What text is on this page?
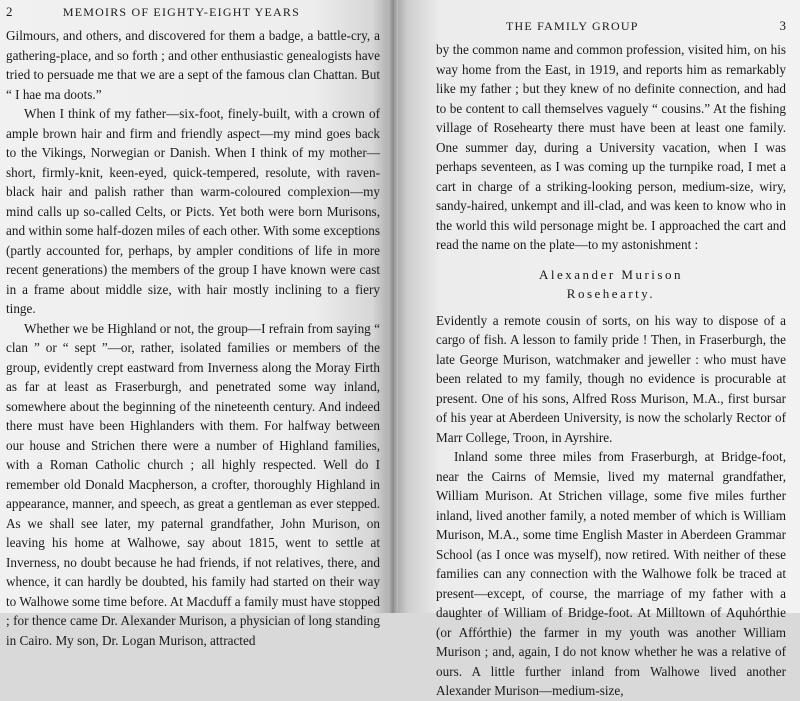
2	MEMOIRS OF EIGHTY-EIGHT YEARS

Gilmours, and others, and discovered for them a badge, a battle-cry, a gathering-place, and so forth ; and other enthusiastic genealogists have tried to persuade me that we are a sept of the famous clan Chattan. But “ I hae ma doots.”

When I think of my father—six-foot, finely-built, with a crown of ample brown hair and firm and friendly aspect—my mind goes back to the Vikings, Norwegian or Danish. When I think of my mother—short, firmly-knit, keen-eyed, quick-tempered, resolute, with raven-black hair and palish rather than warm-coloured complexion—my mind calls up so-called Celts, or Picts. Yet both were born Murisons, and within some half-dozen miles of each other. With some exceptions (partly accounted for, perhaps, by ampler conditions of life in more recent generations) the members of the group I have known were cast in a frame about middle size, with hair mostly inclining to a fiery tinge.

Whether we be Highland or not, the group—I refrain from saying “ clan ” or “ sept ”—or, rather, isolated families or members of the group, evidently crept eastward from Inverness along the Moray Firth as far at least as Fraserburgh, and penetrated some way inland, somewhere about the beginning of the nineteenth century. And indeed there must have been Highlanders with them. For halfway between our house and Strichen there were a number of Highland families, with a Roman Catholic church ; all highly respected. Well do I remember old Donald Macpherson, a crofter, thoroughly Highland in appearance, manner, and speech, as great a gentleman as ever stepped. As we shall see later, my paternal grandfather, John Murison, on leaving his home at Walhowe, say about 1815, went to settle at Inverness, no doubt because he had friends, if not relatives, there, and whence, it can hardly be doubted, his family had started on their way to Walhowe some time before. At Macduff a family must have stopped ; for thence came Dr. Alexander Murison, a physician of long standing in Cairo. My son, Dr. Logan Murison, attracted

THE FAMILY GROUP	3

by the common name and common profession, visited him, on his way home from the East, in 1919, and reports him as remarkably like my father ; but they knew of no definite connection, and had to be content to call themselves vaguely “ cousins.” At the fishing village of Rosehearty there must have been at least one family. One summer day, during a University vacation, when I was perhaps seventeen, as I was coming up the turnpike road, I met a cart in charge of a striking-looking person, medium-size, wiry, sandy-haired, unkempt and ill-clad, and was keen to know who in the world this wild personage might be. I approached the cart and read the name on the plate—to my astonishment :

Alexander Murison
Rosehearty.

Evidently a remote cousin of sorts, on his way to dispose of a cargo of fish. A lesson to family pride ! Then, in Fraserburgh, the late George Murison, watchmaker and jeweller : who must have been related to my family, though no evidence is procurable at present. One of his sons, Alfred Ross Murison, M.A., first bursar of his year at Aberdeen University, is now the scholarly Rector of Marr College, Troon, in Ayrshire.

Inland some three miles from Fraserburgh, at Bridge-foot, near the Cairns of Memsie, lived my maternal grandfather, William Murison. At Strichen village, some five miles further inland, lived another family, a noted member of which is William Murison, M.A., some time English Master in Aberdeen Grammar School (as I once was myself), now retired. With neither of these families can any connection with the Walhowe folk be traced at present—except, of course, the marriage of my father with a daughter of William of Bridge-foot. At Milltown of Aquhórthie (or Affórthie) the farmer in my youth was another William Murison ; and, again, I do not know whether he was a relative of ours. A little further inland from Walhowe lived another Alexander Murison—medium-size,
